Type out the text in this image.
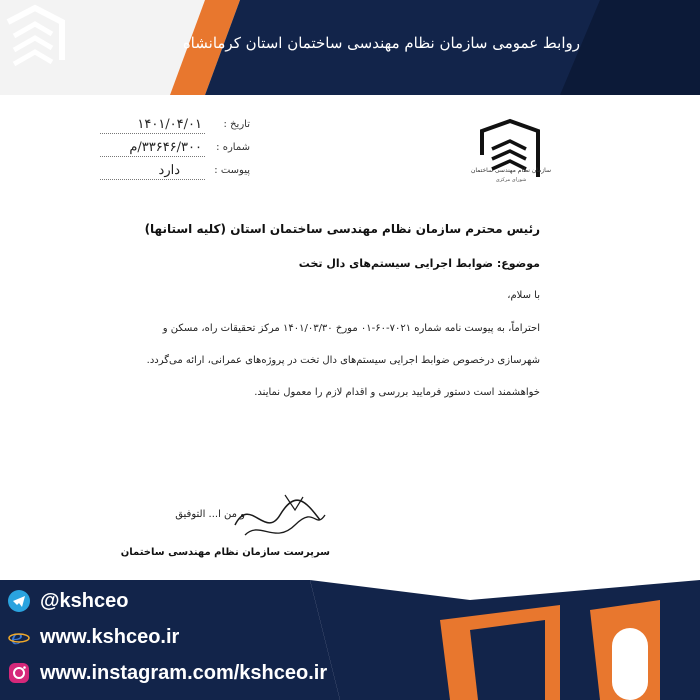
روابط عمومی سازمان نظام مهندسی ساختمان استان کرمانشاه
سازمان نظام مهندسی ساختمان
شورای مرکزی
تاریخ :
۱۴۰۱/۰۴/۰۱
شماره :
۳۳۶۴۶/۳۰۰/م
پیوست :
دارد
رئیس محترم سازمان نظام مهندسی ساختمان استان (کلیه استانها)
موضوع: ضوابط اجرایی سیستم‌های دال تخت
با سلام،
احتراماً، به پیوست نامه شماره ۷۰۲۱-۶۰-۰۱ مورخ ۱۴۰۱/۰۳/۳۰ مرکز تحقیقات راه، مسکن و
شهرسازی درخصوص ضوابط اجرایی سیستم‌های دال تخت در پروژه‌های عمرانی، ارائه می‌گردد.
خواهشمند است دستور فرمایید بررسی و اقدام لازم را معمول نمایند.
و من ا... التوفیق
سرپرست سازمان نظام مهندسی ساختمان
@kshceo
e www.kshceo.ir
www.instagram.com/kshceo.ir
